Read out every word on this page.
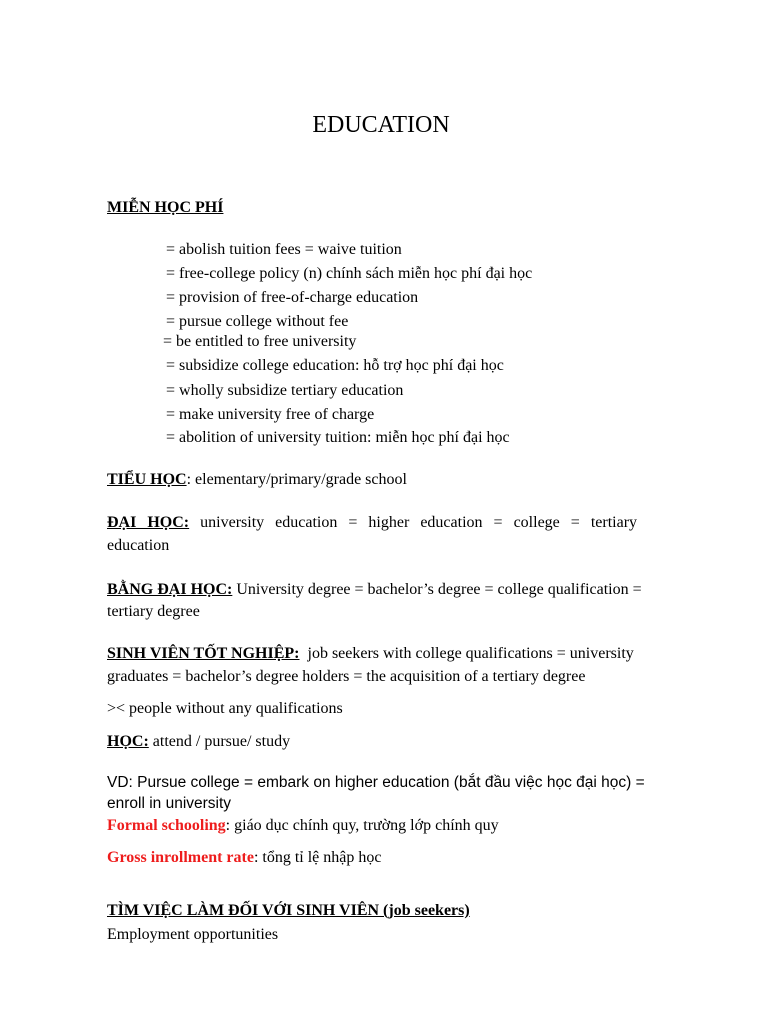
EDUCATION
MIỄN HỌC PHÍ
= abolish tuition fees = waive tuition
= free-college policy (n) chính sách miễn học phí đại học
= provision of free-of-charge education
= pursue college without fee
= be entitled to free university
= subsidize college education: hỗ trợ học phí đại học
= wholly subsidize tertiary education
= make university free of charge
= abolition of university tuition: miễn học phí đại học
TIỂU HỌC: elementary/primary/grade school
ĐẠI HỌC: university education = higher education = college = tertiary
education
BẰNG ĐẠI HỌC: University degree = bachelor’s degree = college qualification =
tertiary degree
SINH VIÊN TỐT NGHIỆP: job seekers with college qualifications = university
graduates = bachelor’s degree holders = the acquisition of a tertiary degree
>< people without any qualifications
HỌC: attend / pursue/ study
VD: Pursue college = embark on higher education (bắt đầu việc học đại học) =
enroll in university
Formal schooling: giáo dục chính quy, trường lớp chính quy
Gross inrollment rate: tổng tỉ lệ nhập học
TÌM VIỆC LÀM ĐỐI VỚI SINH VIÊN (job seekers)
Employment opportunities
